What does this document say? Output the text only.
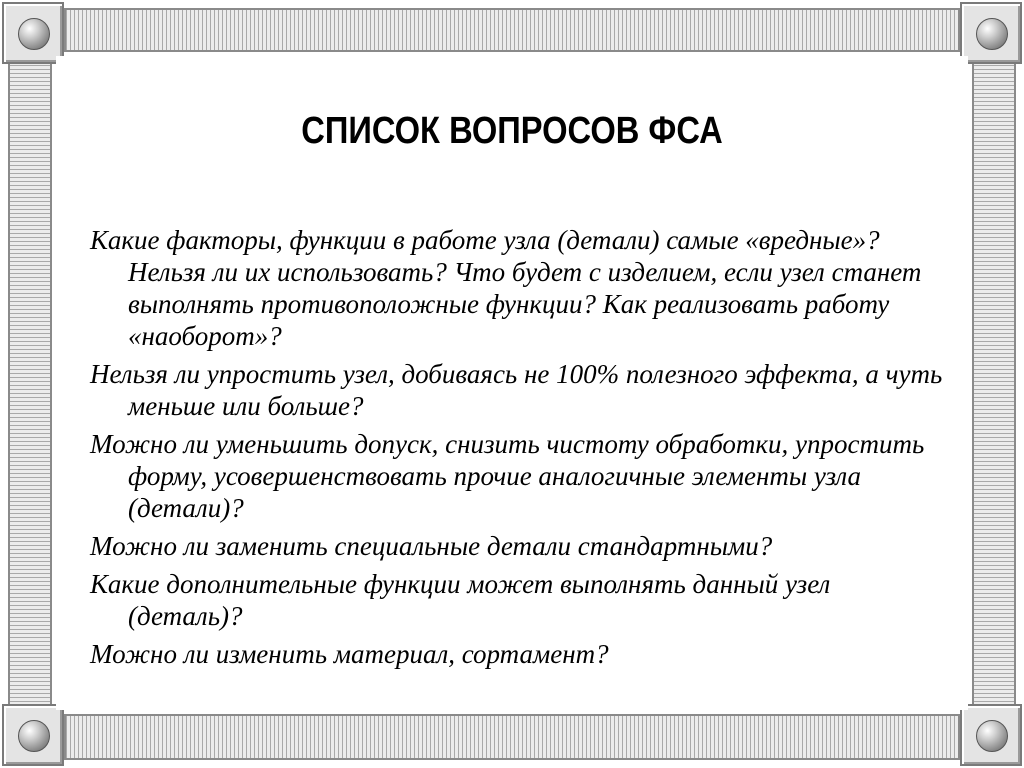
СПИСОК ВОПРОСОВ ФСА
Какие факторы, функции в работе узла (детали) самые «вредные»? Нельзя ли их использовать? Что будет с изделием, если узел станет выполнять противоположные функции? Как реализовать работу «наоборот»?
Нельзя ли упростить узел, добиваясь не 100% полезного эффекта, а чуть меньше или больше?
Можно ли уменьшить допуск, снизить чистоту обработки, упростить форму, усовершенствовать прочие аналогичные элементы узла (детали)?
Можно ли заменить специальные детали стандартными?
Какие дополнительные функции может выполнять данный узел (деталь)?
Можно ли изменить материал, сортамент?
